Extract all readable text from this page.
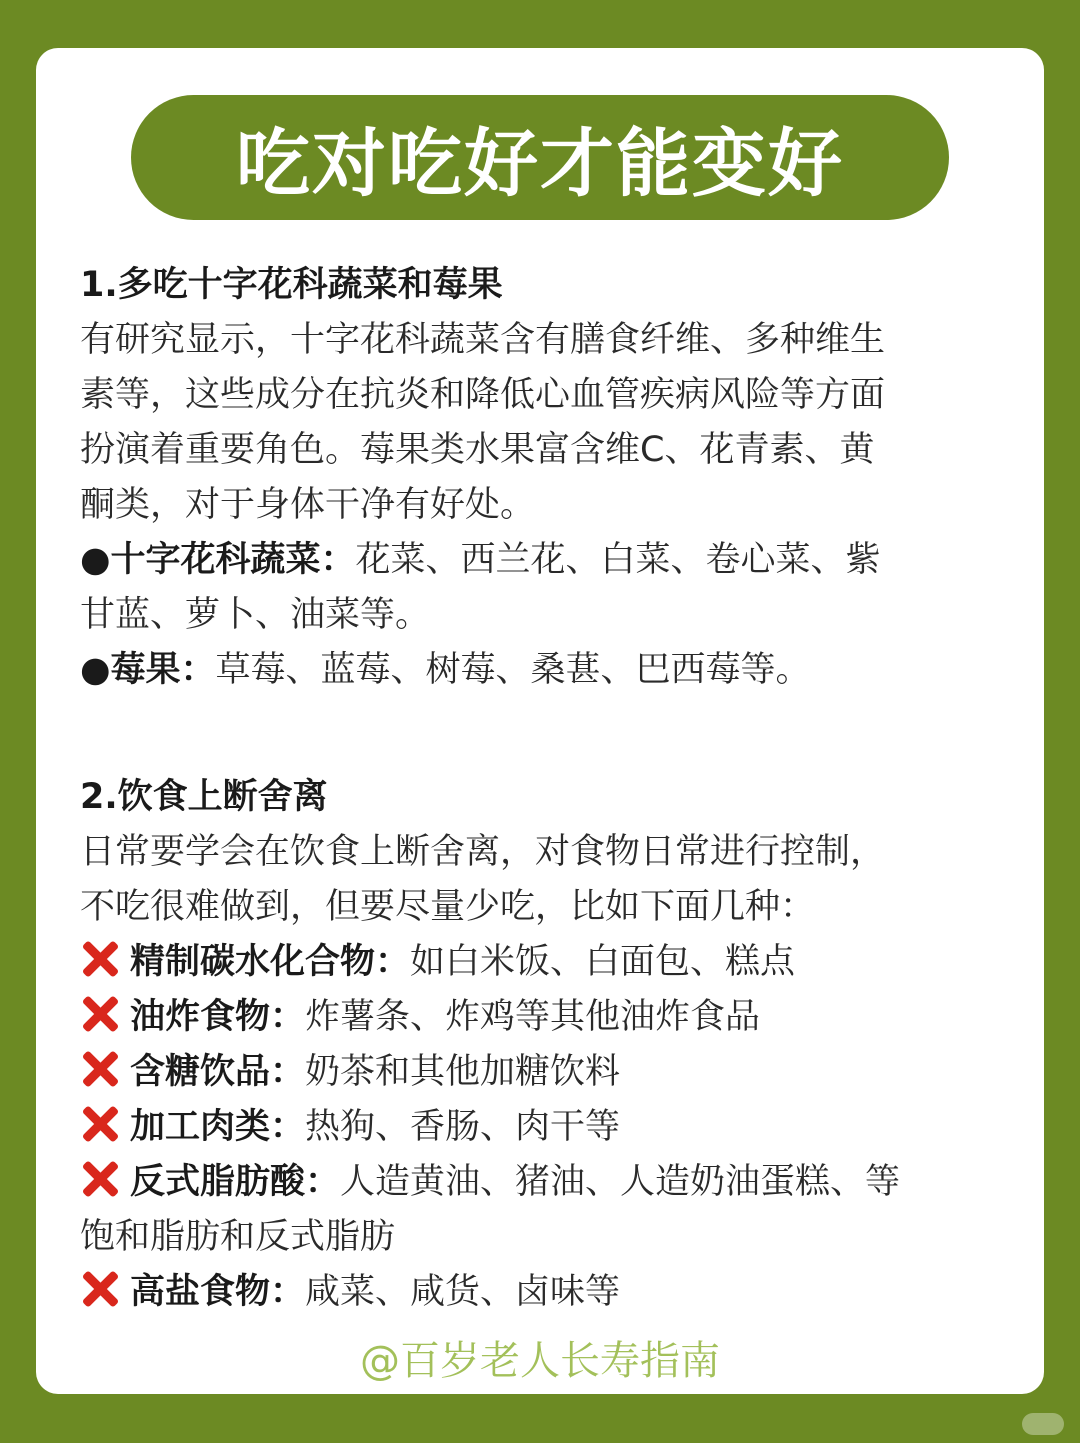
吃对吃好才能变好
1.多吃十字花科蔬菜和莓果
有研究显示，十字花科蔬菜含有膳食纤维、多种维生
素等，这些成分在抗炎和降低心血管疾病风险等方面
扮演着重要角色。莓果类水果富含维C、花青素、黄
酮类，对于身体干净有好处。
●十字花科蔬菜：花菜、西兰花、白菜、卷心菜、紫
甘蓝、萝卜、油菜等。
●莓果：草莓、蓝莓、树莓、桑葚、巴西莓等。
2.饮食上断舍离
日常要学会在饮食上断舍离，对食物日常进行控制，
不吃很难做到，但要尽量少吃，比如下面几种：
精制碳水化合物：如白米饭、白面包、糕点
油炸食物：炸薯条、炸鸡等其他油炸食品
含糖饮品：奶茶和其他加糖饮料
加工肉类：热狗、香肠、肉干等
反式脂肪酸：人造黄油、猪油、人造奶油蛋糕、等
饱和脂肪和反式脂肪
高盐食物：咸菜、咸货、卤味等
@百岁老人长寿指南
